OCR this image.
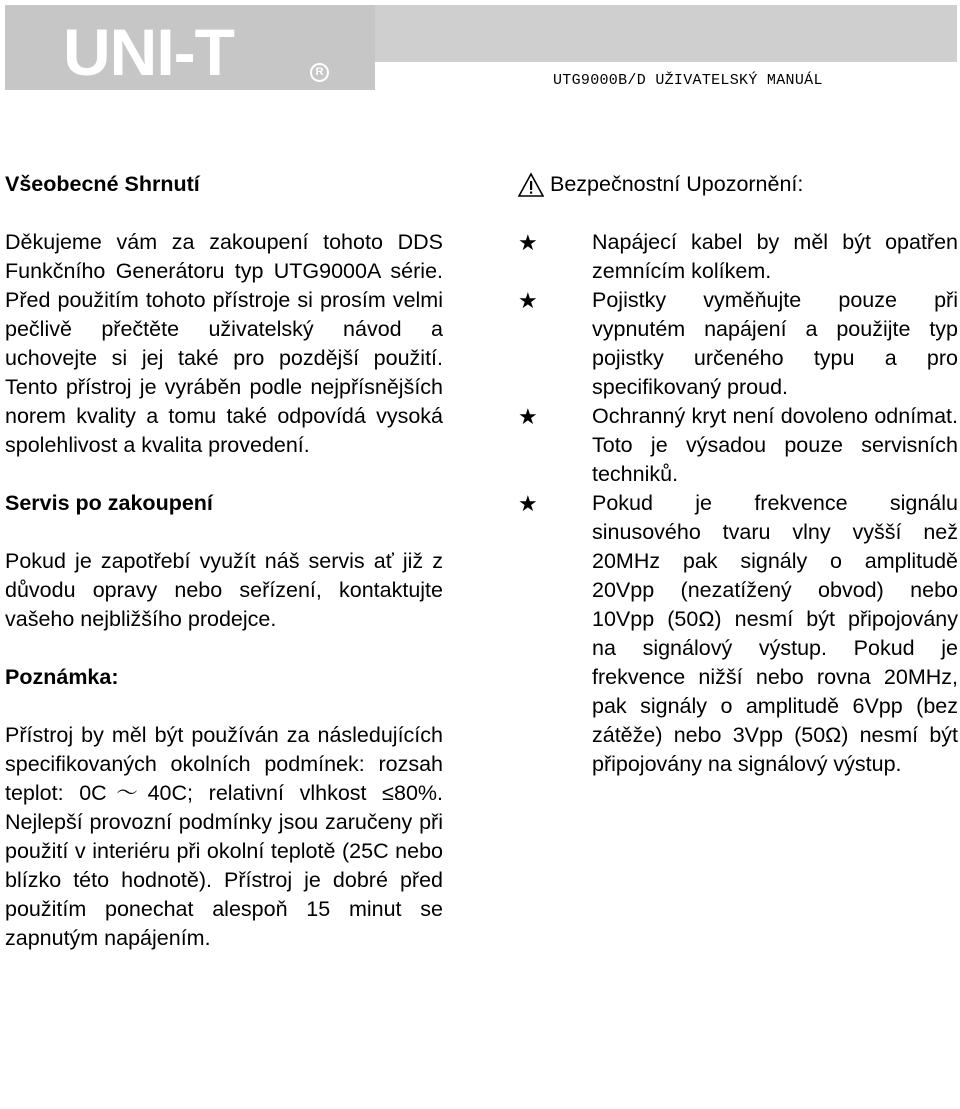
UNI-T	R	UTG9000B/D UŽIVATELSKÝ MANUÁL
Všeobecné Shrnutí

Děkujeme vám za zakoupení tohoto DDS Funkčního Generátoru typ UTG9000A série. Před použitím tohoto přístroje si prosím velmi pečlivě přečtěte uživatelský návod a uchovejte si jej také pro pozdější použití. Tento přístroj je vyráběn podle nejpřísnějších norem kvality a tomu také odpovídá vysoká spolehlivost a kvalita provedení.

Servis po zakoupení

Pokud je zapotřebí využít náš servis ať již z důvodu opravy nebo seřízení, kontaktujte vašeho nejbližšího prodejce.

Poznámka:

Přístroj by měl být používán za následujících specifikovaných okolních podmínek: rozsah teplot: 0C～40C; relativní vlhkost ≤80%. Nejlepší provozní podmínky jsou zaručeny při použití v interiéru při okolní teplotě (25C nebo blízko této hodnotě). Přístroj je dobré před použitím ponechat alespoň 15 minut se zapnutým napájením.

Bezpečnostní Upozornění:
★	Napájecí kabel by měl být opatřen zemnícím kolíkem.
★	Pojistky vyměňujte pouze při vypnutém napájení a použijte typ pojistky určeného typu a pro specifikovaný proud.
★	Ochranný kryt není dovoleno odnímat. Toto je výsadou pouze servisních techniků.
★	Pokud je frekvence signálu sinusového tvaru vlny vyšší než 20MHz pak signály o amplitudě 20Vpp (nezatížený obvod) nebo 10Vpp (50Ω) nesmí být připojovány na signálový výstup. Pokud je frekvence nižší nebo rovna 20MHz, pak signály o amplitudě 6Vpp (bez zátěže) nebo 3Vpp (50Ω) nesmí být připojovány na signálový výstup.
